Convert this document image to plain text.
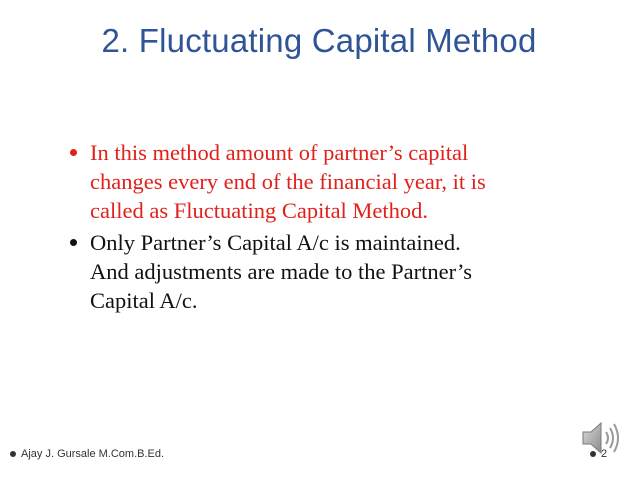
2. Fluctuating Capital Method
In this method amount of partner’s capital
changes every end of the financial year, it is
called as Fluctuating Capital Method.
Only Partner’s Capital A/c is maintained.
And adjustments are made to the Partner’s
Capital A/c.
Ajay J. Gursale M.Com.B.Ed.	2
